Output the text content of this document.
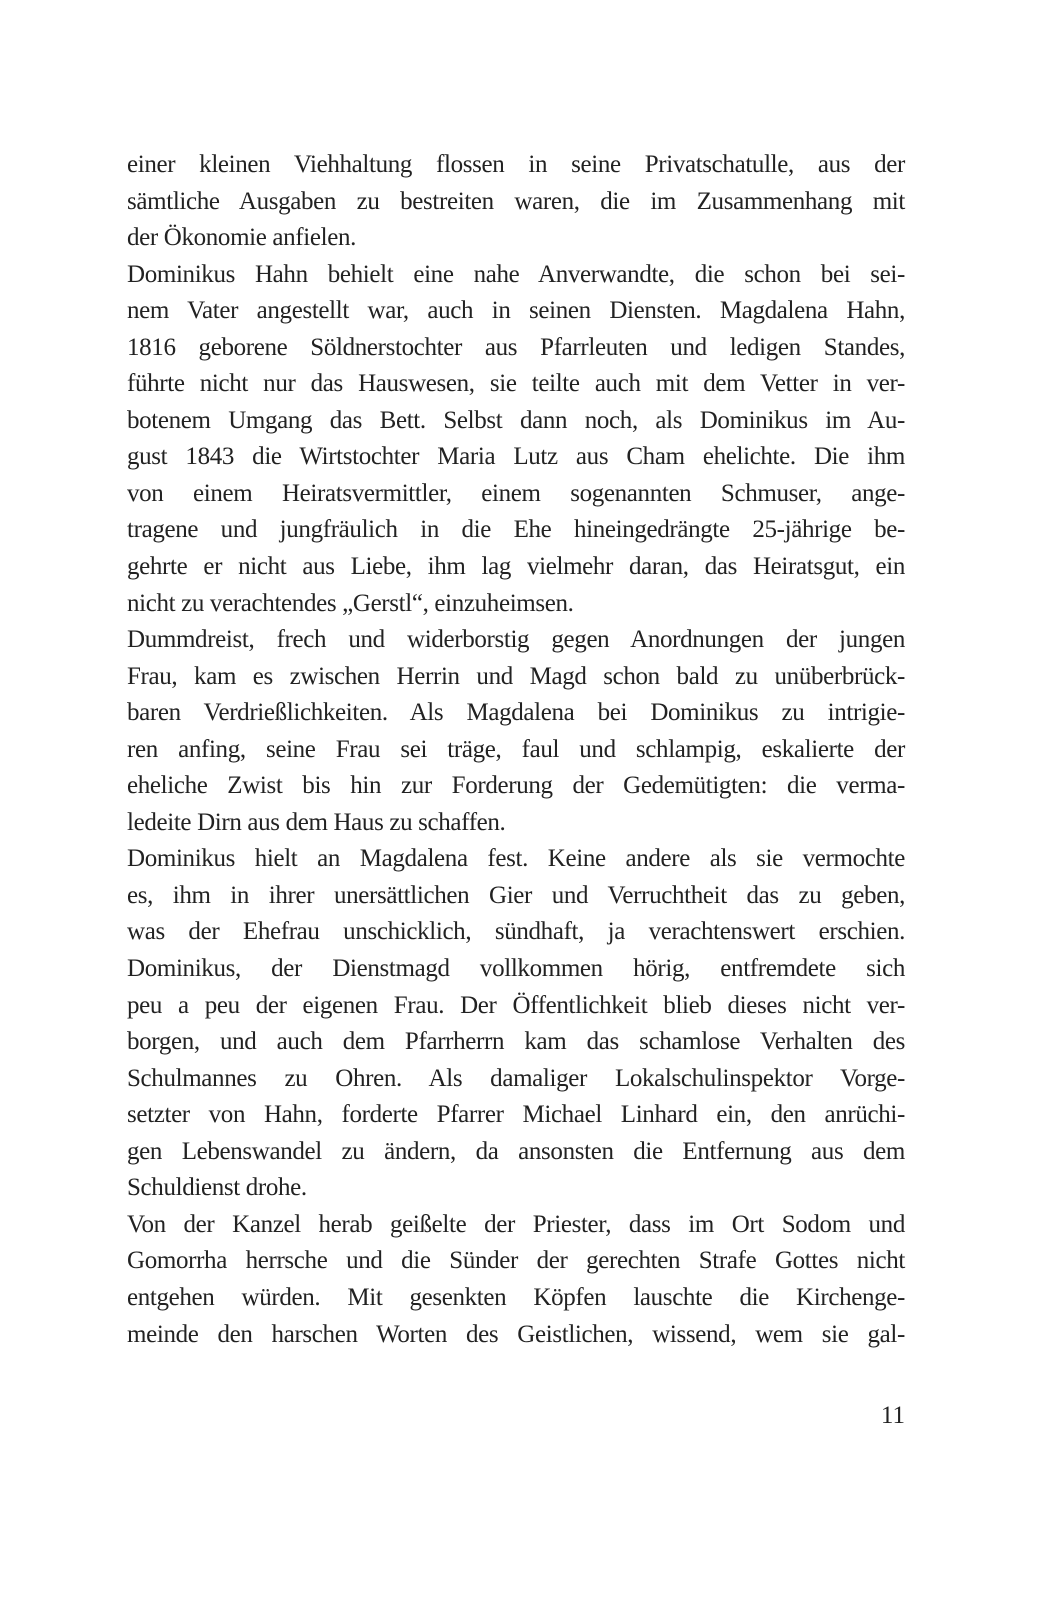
einer kleinen Viehhaltung flossen in seine Privatschatulle, aus der
sämtliche Ausgaben zu bestreiten waren, die im Zusammenhang mit
der Ökonomie anfielen.
Dominikus Hahn behielt eine nahe Anverwandte, die schon bei sei-
nem Vater angestellt war, auch in seinen Diensten. Magdalena Hahn,
1816 geborene Söldnerstochter aus Pfarrleuten und ledigen Standes,
führte nicht nur das Hauswesen, sie teilte auch mit dem Vetter in ver-
botenem Umgang das Bett. Selbst dann noch, als Dominikus im Au-
gust 1843 die Wirtstochter Maria Lutz aus Cham ehelichte. Die ihm
von einem Heiratsvermittler, einem sogenannten Schmuser, ange-
tragene und jungfräulich in die Ehe hineingedrängte 25-jährige be-
gehrte er nicht aus Liebe, ihm lag vielmehr daran, das Heiratsgut, ein
nicht zu verachtendes „Gerstl“, einzuheimsen.
Dummdreist, frech und widerborstig gegen Anordnungen der jungen
Frau, kam es zwischen Herrin und Magd schon bald zu unüberbrück-
baren Verdrießlichkeiten. Als Magdalena bei Dominikus zu intrigie-
ren anfing, seine Frau sei träge, faul und schlampig, eskalierte der
eheliche Zwist bis hin zur Forderung der Gedemütigten: die verma-
ledeite Dirn aus dem Haus zu schaffen.
Dominikus hielt an Magdalena fest. Keine andere als sie vermochte
es, ihm in ihrer unersättlichen Gier und Verruchtheit das zu geben,
was der Ehefrau unschicklich, sündhaft, ja verachtenswert erschien.
Dominikus, der Dienstmagd vollkommen hörig, entfremdete sich
peu a peu der eigenen Frau. Der Öffentlichkeit blieb dieses nicht ver-
borgen, und auch dem Pfarrherrn kam das schamlose Verhalten des
Schulmannes zu Ohren. Als damaliger Lokalschulinspektor Vorge-
setzter von Hahn, forderte Pfarrer Michael Linhard ein, den anrüchi-
gen Lebenswandel zu ändern, da ansonsten die Entfernung aus dem
Schuldienst drohe.
Von der Kanzel herab geißelte der Priester, dass im Ort Sodom und
Gomorrha herrsche und die Sünder der gerechten Strafe Gottes nicht
entgehen würden. Mit gesenkten Köpfen lauschte die Kirchenge-
meinde den harschen Worten des Geistlichen, wissend, wem sie gal-
11
